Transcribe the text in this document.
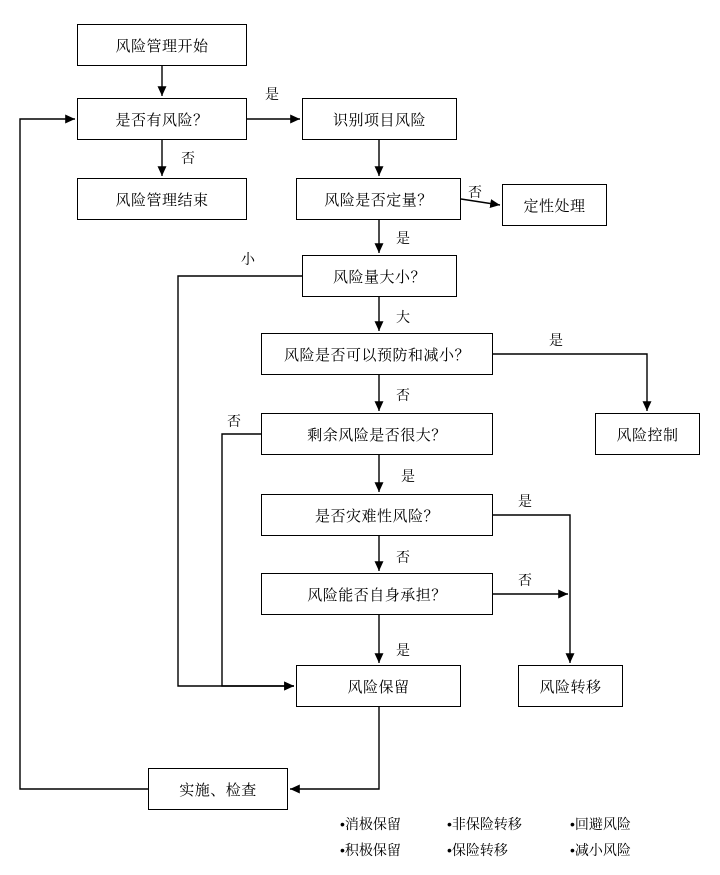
风险管理开始
是否有风险？
风险管理结束
识别项目风险
风险是否定量？	定性处理
风险量大小？
风险是否可以预防和减小？
剩余风险是否很大？
是否灾难性风险？
风险能否自身承担？
风险控制
风险保留	风险转移
实施、检查
是
否
否
是
小
大
是
否
否
是
是
否
否
是
•消极保留	•非保险转移	•回避风险
•积极保留	•保险转移	•减小风险
